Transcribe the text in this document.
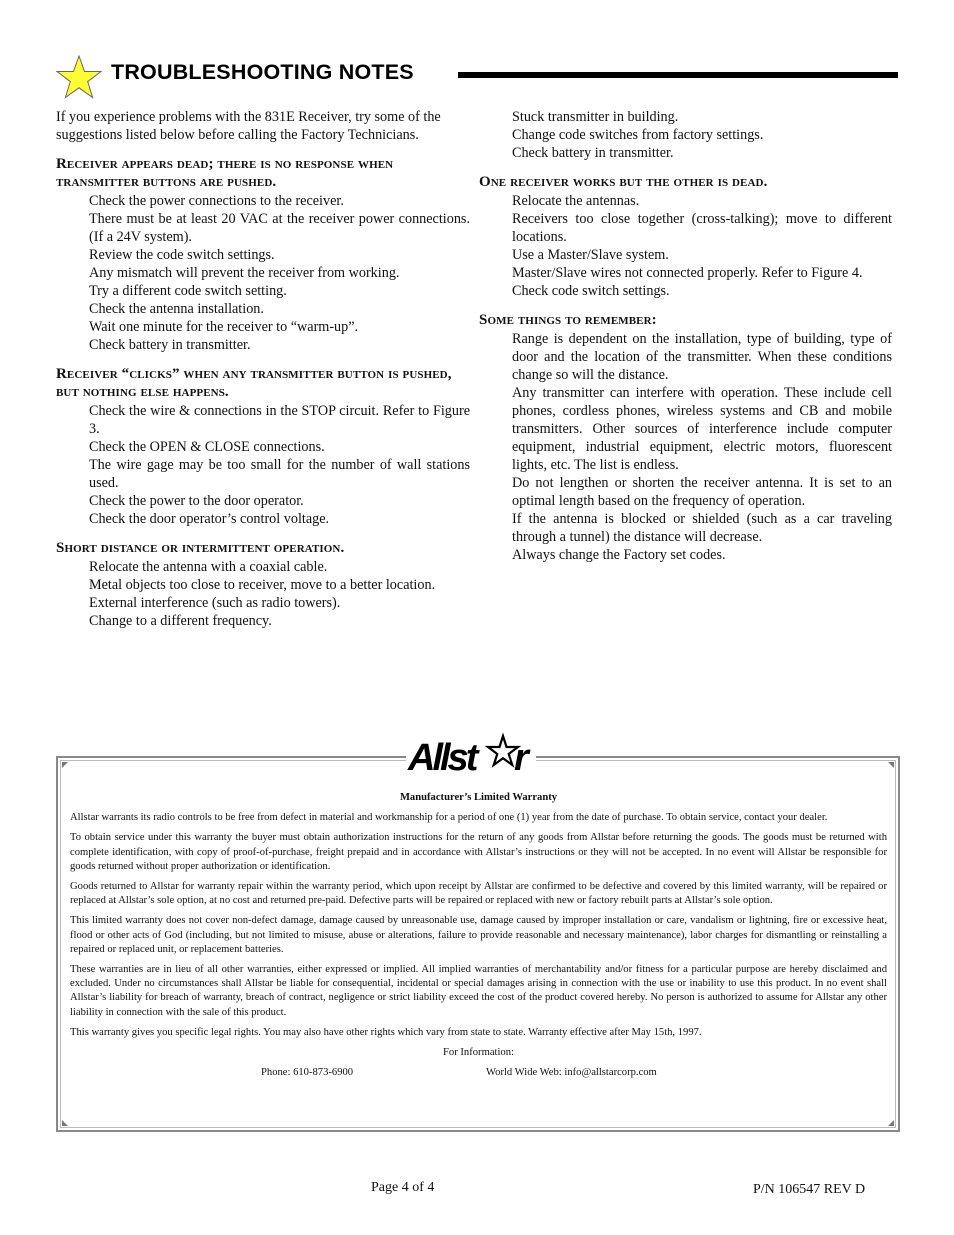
TROUBLESHOOTING NOTES

If you experience problems with the 831E Receiver, try some of the suggestions listed below before calling the Factory Technicians.

Receiver appears dead; there is no response when transmitter buttons are pushed.

Check the power connections to the receiver.
There must be at least 20 VAC at the receiver power connections. (If a 24V system).
Review the code switch settings.
Any mismatch will prevent the receiver from working.
Try a different code switch setting.
Check the antenna installation.
Wait one minute for the receiver to “warm-up”.
Check battery in transmitter.

Receiver “clicks” when any transmitter button is pushed, but nothing else happens.

Check the wire & connections in the STOP circuit. Refer to Figure 3.
Check the OPEN & CLOSE connections.
The wire gage may be too small for the number of wall stations used.
Check the power to the door operator.
Check the door operator’s control voltage.

Short distance or intermittent operation.

Relocate the antenna with a coaxial cable.
Metal objects too close to receiver, move to a better location.
External interference (such as radio towers).
Change to a different frequency.
Stuck transmitter in building.
Change code switches from factory settings.
Check battery in transmitter.

One receiver works but the other is dead.

Relocate the antennas.
Receivers too close together (cross-talking); move to different locations.
Use a Master/Slave system.
Master/Slave wires not connected properly. Refer to Figure 4.
Check code switch settings.

Some things to remember:

Range is dependent on the installation, type of building, type of door and the location of the transmitter. When these conditions change so will the distance.
Any transmitter can interfere with operation. These include cell phones, cordless phones, wireless systems and CB and mobile transmitters. Other sources of interference include computer equipment, industrial equipment, electric motors, fluorescent lights, etc. The list is endless.
Do not lengthen or shorten the receiver antenna. It is set to an optimal length based on the frequency of operation.
If the antenna is blocked or shielded (such as a car traveling through a tunnel) the distance will decrease.
Always change the Factory set codes.

Manufacturer’s Limited Warranty

Allstar warrants its radio controls to be free from defect in material and workmanship for a period of one (1) year from the date of purchase. To obtain service, contact your dealer.

To obtain service under this warranty the buyer must obtain authorization instructions for the return of any goods from Allstar before returning the goods. The goods must be returned with complete identification, with copy of proof-of-purchase, freight prepaid and in accordance with Allstar’s instructions or they will not be accepted. In no event will Allstar be responsible for goods returned without proper authorization or identification.

Goods returned to Allstar for warranty repair within the warranty period, which upon receipt by Allstar are confirmed to be defective and covered by this limited warranty, will be repaired or replaced at Allstar’s sole option, at no cost and returned pre-paid. Defective parts will be repaired or replaced with new or factory rebuilt parts at Allstar’s sole option.

This limited warranty does not cover non-defect damage, damage caused by unreasonable use, damage caused by improper installation or care, vandalism or lightning, fire or excessive heat, flood or other acts of God (including, but not limited to misuse, abuse or alterations, failure to provide reasonable and necessary maintenance), labor charges for dismantling or reinstalling a repaired or replaced unit, or replacement batteries.

These warranties are in lieu of all other warranties, either expressed or implied. All implied warranties of merchantability and/or fitness for a particular purpose are hereby disclaimed and excluded. Under no circumstances shall Allstar be liable for consequential, incidental or special damages arising in connection with the use or inability to use this product. In no event shall Allstar’s liability for breach of warranty, breach of contract, negligence or strict liability exceed the cost of the product covered hereby. No person is authorized to assume for Allstar any other liability in connection with the sale of this product.

This warranty gives you specific legal rights. You may also have other rights which vary from state to state. Warranty effective after May 15th, 1997.

For Information:

Phone: 610-873-6900	World Wide Web: info@allstarcorp.com
Allst r
Page 4 of 4	P/N 106547 REV D
